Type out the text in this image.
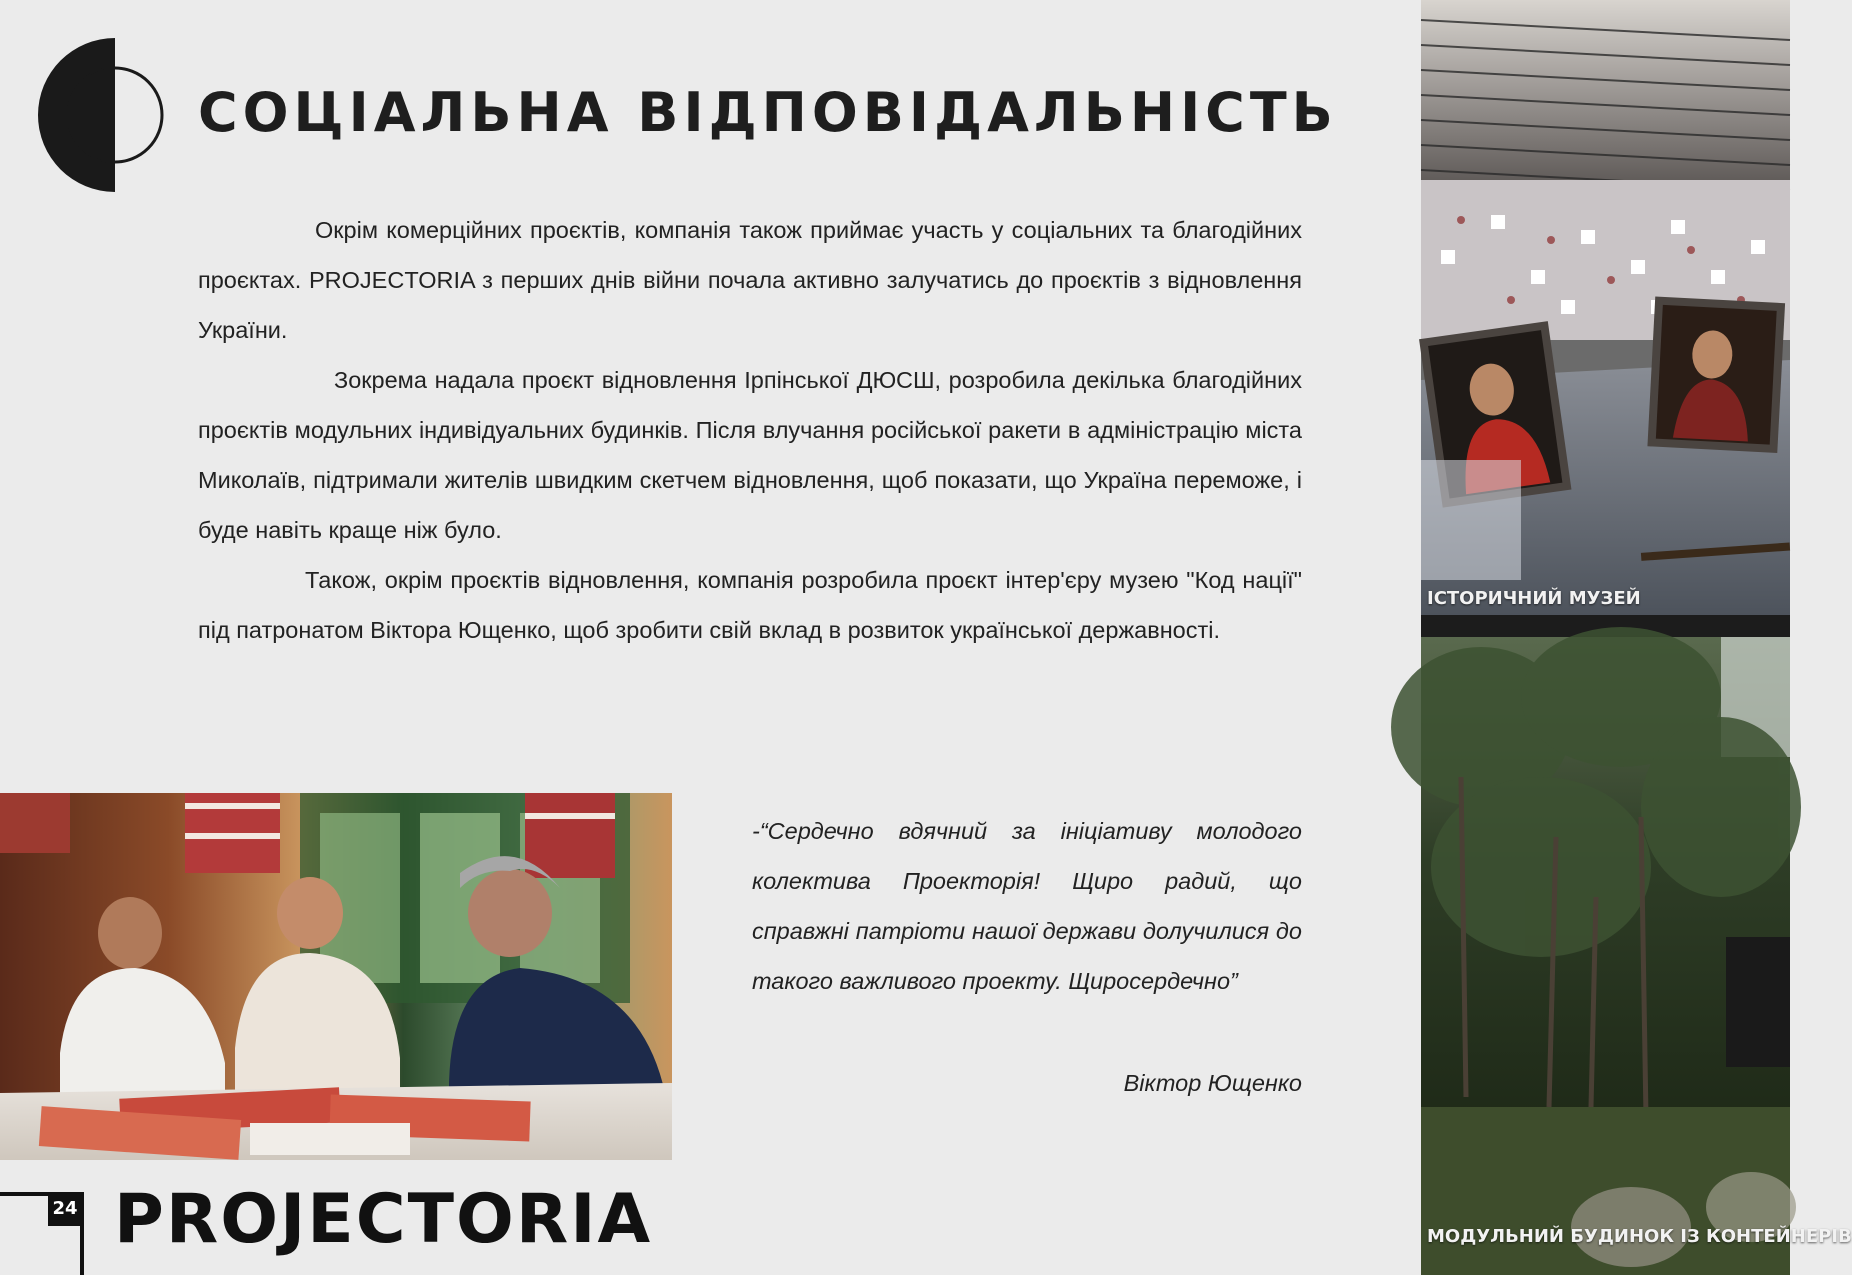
СОЦІАЛЬНА ВІДПОВІДАЛЬНІСТЬ

Окрім комерційних проєктів, компанія також приймає участь у соціальних та благодійних проєктах. PROJECTORIA з перших днів війни почала активно залучатись до проєктів з відновлення України.

Зокрема надала проєкт відновлення Ірпінської ДЮСШ, розробила декілька благодійних проєктів модульних індивідуальних будинків. Після влучання російської ракети в адміністрацію міста Миколаїв, підтримали жителів швидким скетчем відновлення, щоб показати, що Україна переможе, і буде навіть краще ніж було.

Також, окрім проєктів відновлення, компанія розробила проєкт інтер'єру музею "Код нації" під патронатом Віктора Ющенко, щоб зробити свій вклад в розвиток української державності.

-“Сердечно вдячний за ініціативу молодого колектива Проекторія! Щиро радий, що справжні патріоти нашої держави долучилися до такого важливого проекту. Щиросердечно”
Віктор Ющенко
24 PROJECTORIA
ІСТОРИЧНИЙ МУЗЕЙ
МОДУЛЬНИЙ БУДИНОК ІЗ КОНТЕЙНЕРІВ
